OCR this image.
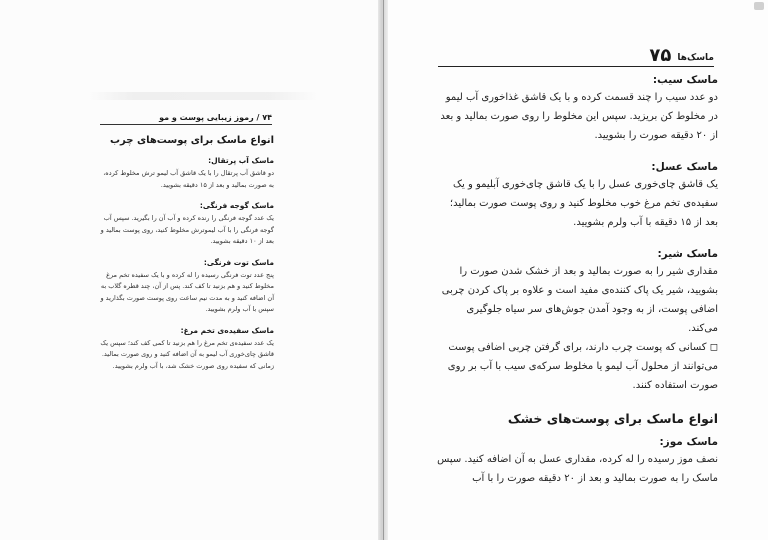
۷۴ / رموز زیبایی پوست و مو
انواع ماسک برای پوست‌های چرب
ماسک آب پرتقال:
دو قاشق آب پرتقال را با یک قاشق آب لیمو ترش مخلوط کرده، به صورت بمالید و بعد از ۱۵ دقیقه بشویید.
ماسک گوجه فرنگی:
یک عدد گوجه فرنگی را رنده کرده و آب آن را بگیرید. سپس آب گوجه فرنگی را با آب لیموترش مخلوط کنید، روی پوست بمالید و بعد از ۱۰ دقیقه بشویید.
ماسک توت فرنگی:
پنج عدد توت فرنگی رسیده را له کرده و با یک سفیده تخم مرغ مخلوط کنید و هم بزنید تا کف کند. پس از آن، چند قطره گلاب به آن اضافه کنید و به مدت نیم ساعت روی پوست صورت بگذارید و سپس با آب ولرم بشویید.
ماسک سفیده‌ی تخم مرغ:
یک عدد سفیده‌ی تخم مرغ را هم بزنید تا کمی کف کند؛ سپس یک قاشق چای‌خوری آب لیمو به آن اضافه کنید و روی صورت بمالید. زمانی که سفیده روی صورت خشک شد، با آب ولرم بشویید.
ماسک‌ها
۷۵
ماسک سیب:
دو عدد سیب را چند قسمت کرده و با یک قاشق غذاخوری آب لیمو در مخلوط کن بریزید. سپس این مخلوط را روی صورت بمالید و بعد از ۲۰ دقیقه صورت را بشویید.
ماسک عسل:
یک قاشق چای‌خوری عسل را با یک قاشق چای‌خوری آبلیمو و یک سفیده‌ی تخم مرغ خوب مخلوط کنید و روی پوست صورت بمالید؛ بعد از ۱۵ دقیقه با آب ولرم بشویید.
ماسک شیر:
مقداری شیر را به صورت بمالید و بعد از خشک شدن صورت را بشویید، شیر یک پاک کننده‌ی مفید است و علاوه بر پاک کردن چربی اضافی پوست، از به وجود آمدن جوش‌های سر سیاه جلوگیری می‌کند.
◻ کسانی که پوست چرب دارند، برای گرفتن چربی اضافی پوست می‌توانند از محلول آب لیمو یا مخلوط سرکه‌ی سیب با آب بر روی صورت استفاده کنند.
انواع ماسک برای پوست‌های خشک
ماسک موز:
نصف موز رسیده را له کرده، مقداری عسل به آن اضافه کنید. سپس ماسک را به صورت بمالید و بعد از ۲۰ دقیقه صورت را با آب
